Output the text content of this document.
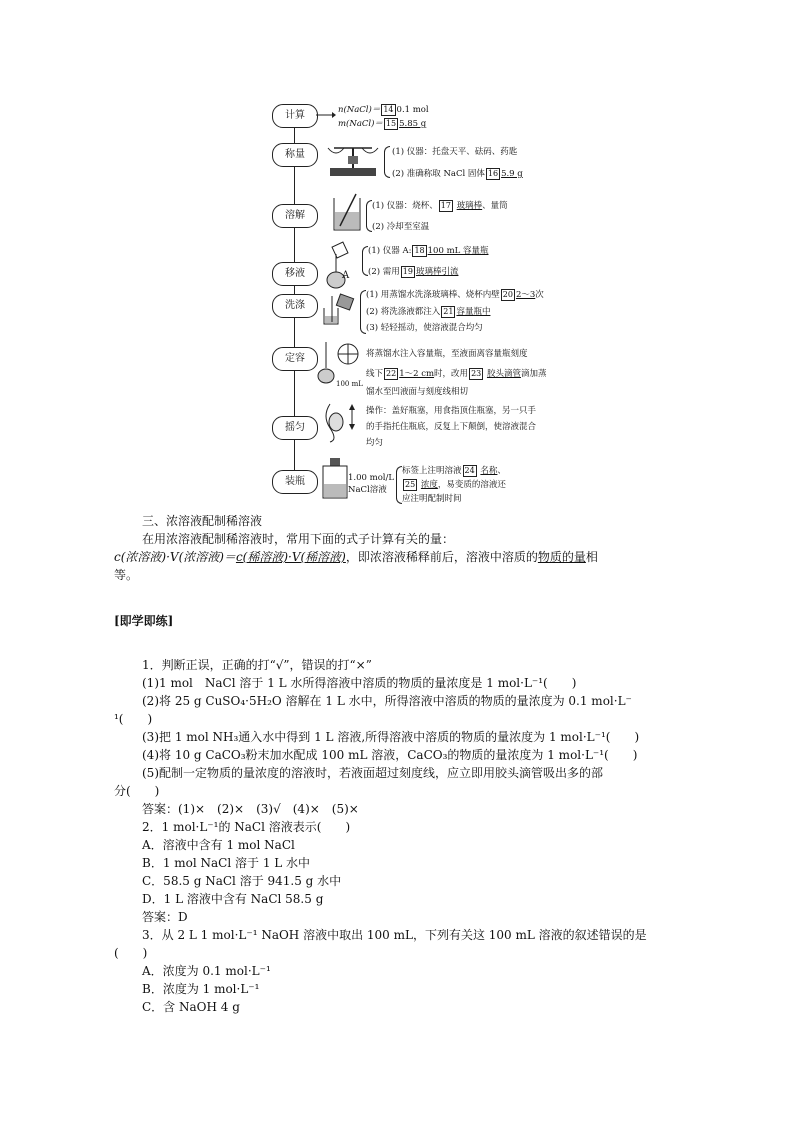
计算
称量
溶解
移液
洗涤
定容
摇匀
装瓶
n(NaCl)＝ 14 0.1 mol
m(NaCl)＝ 15 5.85 g
(1) 仪器：托盘天平、砝码、药匙
(2) 准确称取 NaCl 固体 16 5.9 g
(1) 仪器：烧杯、 17 玻璃棒、量筒
(2) 冷却至室温
A
(1) 仪器 A: 18 100 mL 容量瓶
(2) 需用 19 玻璃棒引流
(1) 用蒸馏水洗涤玻璃棒、烧杯内壁 20 2～3次
(2) 将洗涤液都注入 21 容量瓶中
(3) 轻轻摇动，使溶液混合均匀
100 mL
将蒸馏水注入容量瓶，至液面离容量瓶刻度
线下 22 1～2 cm时，改用 23 胶头滴管滴加蒸
馏水至凹液面与刻度线相切
操作：盖好瓶塞，用食指顶住瓶塞，另一只手
的手指托住瓶底，反复上下颠倒，使溶液混合
均匀
1.00 mol/L
NaCl溶液
标签上注明溶液 24 名称、
25 浓度，易变质的溶液还
应注明配制时间
三、浓溶液配制稀溶液
在用浓溶液配制稀溶液时，常用下面的式子计算有关的量：
c(浓溶液)·V(浓溶液)＝c(稀溶液)·V(稀溶液)，即浓溶液稀释前后，溶液中溶质的物质的量相
等。
[即学即练]
1．判断正误，正确的打“√”，错误的打“×”
(1)1 mol　NaCl 溶于 1 L 水所得溶液中溶质的物质的量浓度是 1 mol·L⁻¹(　　)
(2)将 25 g CuSO₄·5H₂O 溶解在 1 L 水中，所得溶液中溶质的物质的量浓度为 0.1 mol·L⁻
¹(　　)
(3)把 1 mol NH₃通入水中得到 1 L 溶液,所得溶液中溶质的物质的量浓度为 1 mol·L⁻¹(　　)
(4)将 10 g CaCO₃粉末加水配成 100 mL 溶液，CaCO₃的物质的量浓度为 1 mol·L⁻¹(　　)
(5)配制一定物质的量浓度的溶液时，若液面超过刻度线，应立即用胶头滴管吸出多的部
分(　　)
答案：(1)×　(2)×　(3)√　(4)×　(5)×
2．1 mol·L⁻¹的 NaCl 溶液表示(　　)
A．溶液中含有 1 mol NaCl
B．1 mol NaCl 溶于 1 L 水中
C．58.5 g NaCl 溶于 941.5 g 水中
D．1 L 溶液中含有 NaCl 58.5 g
答案：D
3．从 2 L 1 mol·L⁻¹ NaOH 溶液中取出 100 mL，下列有关这 100 mL 溶液的叙述错误的是
(　　)
A．浓度为 0.1 mol·L⁻¹
B．浓度为 1 mol·L⁻¹
C．含 NaOH 4 g
